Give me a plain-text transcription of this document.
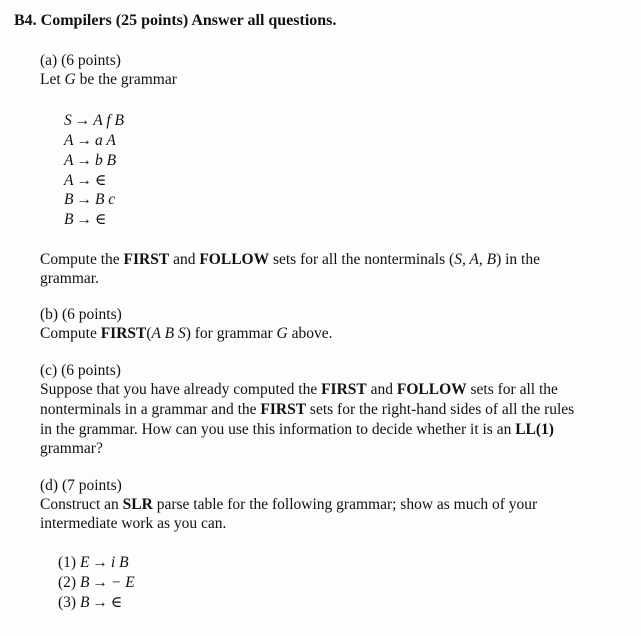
B4. Compilers (25 points) Answer all questions.
(a) (6 points)
Let G be the grammar
S → A f B
A → a A
A → b B
A → ∈
B → B c
B → ∈
Compute the FIRST and FOLLOW sets for all the nonterminals (S, A, B) in the
grammar.
(b) (6 points)
Compute FIRST(A B S) for grammar G above.
(c) (6 points)
Suppose that you have already computed the FIRST and FOLLOW sets for all the
nonterminals in a grammar and the FIRST sets for the right-hand sides of all the rules
in the grammar. How can you use this information to decide whether it is an LL(1)
grammar?
(d) (7 points)
Construct an SLR parse table for the following grammar; show as much of your
intermediate work as you can.
(1) E → i B
(2) B → − E
(3) B → ∈
